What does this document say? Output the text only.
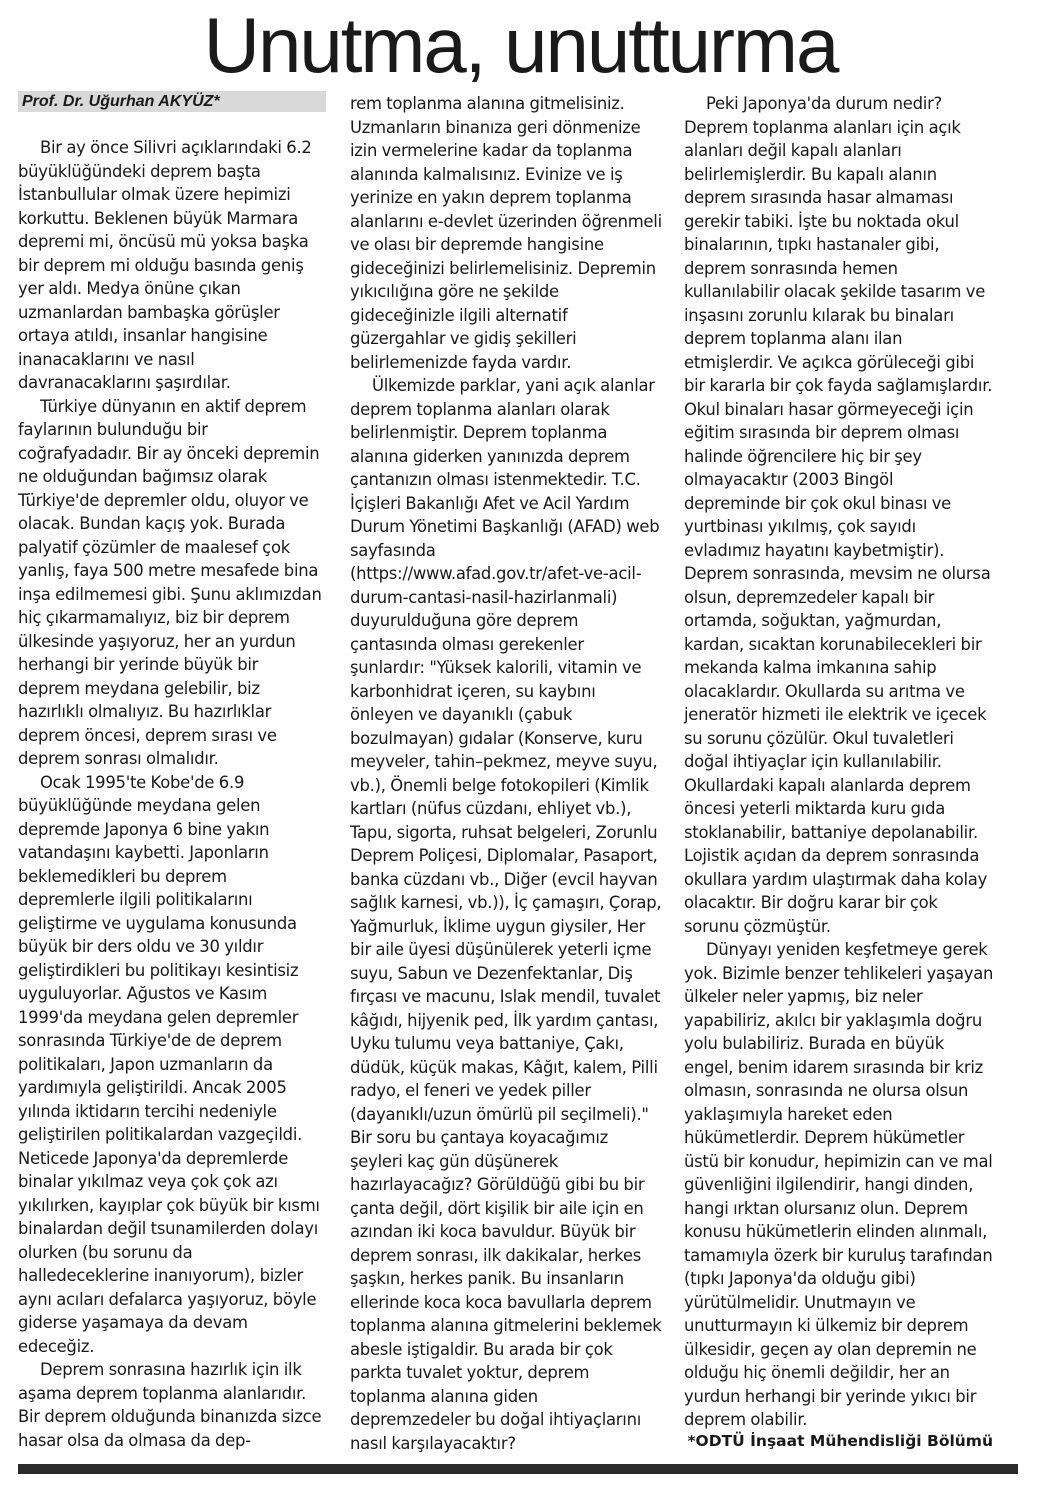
Unutma, unutturma
Prof. Dr. Uğurhan AKYÜZ*

Bir ay önce Silivri açıklarındaki 6.2 büyüklüğündeki deprem başta İstanbullular olmak üzere hepimizi korkuttu. Beklenen büyük Marmara depremi mi, öncüsü mü yoksa başka bir deprem mi olduğu basında geniş yer aldı. Medya önüne çıkan uzmanlardan bambaşka görüşler ortaya atıldı, insanlar hangisine inanacaklarını ve nasıl davranacaklarını şaşırdılar.

Türkiye dünyanın en aktif deprem faylarının bulunduğu bir coğrafyadadır. Bir ay önceki depremin ne olduğundan bağımsız olarak Türkiye'de depremler oldu, oluyor ve olacak. Bundan kaçış yok. Burada palyatif çözümler de maalesef çok yanlış, faya 500 metre mesafede bina inşa edilmemesi gibi. Şunu aklımızdan hiç çıkarmamalıyız, biz bir deprem ülkesinde yaşıyoruz, her an yurdun herhangi bir yerinde büyük bir deprem meydana gelebilir, biz hazırlıklı olmalıyız. Bu hazırlıklar deprem öncesi, deprem sırası ve deprem sonrası olmalıdır.

Ocak 1995'te Kobe'de 6.9 büyüklüğünde meydana gelen depremde Japonya 6 bine yakın vatandaşını kaybetti. Japonların beklemedikleri bu deprem depremlerle ilgili politikalarını geliştirme ve uygulama konusunda büyük bir ders oldu ve 30 yıldır geliştirdikleri bu politikayı kesintisiz uyguluyorlar. Ağustos ve Kasım 1999'da meydana gelen depremler sonrasında Türkiye'de de deprem politikaları, Japon uzmanların da yardımıyla geliştirildi. Ancak 2005 yılında iktidarın tercihi nedeniyle geliştirilen politikalardan vazgeçildi. Neticede Japonya'da depremlerde binalar yıkılmaz veya çok çok azı yıkılırken, kayıplar çok büyük bir kısmı binalardan değil tsunamilerden dolayı olurken (bu sorunu da halledeceklerine inanıyorum), bizler aynı acıları defalarca yaşıyoruz, böyle giderse yaşamaya da devam edeceğiz.

Deprem sonrasına hazırlık için ilk aşama deprem toplanma alanlarıdır. Bir deprem olduğunda binanızda sizce hasar olsa da olmasa da dep-

rem toplanma alanına gitmelisiniz. Uzmanların binanıza geri dönmenize izin vermelerine kadar da toplanma alanında kalmalısınız. Evinize ve iş yerinize en yakın deprem toplanma alanlarını e-devlet üzerinden öğrenmeli ve olası bir depremde hangisine gideceğinizi belirlemelisiniz. Depremin yıkıcılığına göre ne şekilde gideceğinizle ilgili alternatif güzergahlar ve gidiş şekilleri belirlemenizde fayda vardır.

Ülkemizde parklar, yani açık alanlar deprem toplanma alanları olarak belirlenmiştir. Deprem toplanma alanına giderken yanınızda deprem çantanızın olması istenmektedir. T.C. İçişleri Bakanlığı Afet ve Acil Yardım Durum Yönetimi Başkanlığı (AFAD) web sayfasında (https://www.afad.gov.tr/afet-ve-acil-durum-cantasi-nasil-hazirlanmali) duyurulduğuna göre deprem çantasında olması gerekenler şunlardır: "Yüksek kalorili, vitamin ve karbonhidrat içeren, su kaybını önleyen ve dayanıklı (çabuk bozulmayan) gıdalar (Konserve, kuru meyveler, tahin–pekmez, meyve suyu, vb.), Önemli belge fotokopileri (Kimlik kartları (nüfus cüzdanı, ehliyet vb.), Tapu, sigorta, ruhsat belgeleri, Zorunlu Deprem Poliçesi, Diplomalar, Pasaport, banka cüzdanı vb., Diğer (evcil hayvan sağlık karnesi, vb.)), İç çamaşırı, Çorap, Yağmurluk, İklime uygun giysiler, Her bir aile üyesi düşünülerek yeterli içme suyu, Sabun ve Dezenfektanlar, Diş fırçası ve macunu, Islak mendil, tuvalet kâğıdı, hijyenik ped, İlk yardım çantası, Uyku tulumu veya battaniye, Çakı, düdük, küçük makas, Kâğıt, kalem, Pilli radyo, el feneri ve yedek piller (dayanıklı/uzun ömürlü pil seçilmeli)." Bir soru bu çantaya koyacağımız şeyleri kaç gün düşünerek hazırlayacağız? Görüldüğü gibi bu bir çanta değil, dört kişilik bir aile için en azından iki koca bavuldur. Büyük bir deprem sonrası, ilk dakikalar, herkes şaşkın, herkes panik. Bu insanların ellerinde koca koca bavullarla deprem toplanma alanına gitmelerini beklemek abesle iştigaldir. Bu arada bir çok parkta tuvalet yoktur, deprem toplanma alanına giden depremzedeler bu doğal ihtiyaçlarını nasıl karşılayacaktır?

Peki Japonya'da durum nedir? Deprem toplanma alanları için açık alanları değil kapalı alanları belirlemişlerdir. Bu kapalı alanın deprem sırasında hasar almaması gerekir tabiki. İşte bu noktada okul binalarının, tıpkı hastanaler gibi, deprem sonrasında hemen kullanılabilir olacak şekilde tasarım ve inşasını zorunlu kılarak bu binaları deprem toplanma alanı ilan etmişlerdir. Ve açıkca görüleceği gibi bir kararla bir çok fayda sağlamışlardır. Okul binaları hasar görmeyeceği için eğitim sırasında bir deprem olması halinde öğrencilere hiç bir şey olmayacaktır (2003 Bingöl depreminde bir çok okul binası ve yurtbinası yıkılmış, çok sayıdı evladımız hayatını kaybetmiştir). Deprem sonrasında, mevsim ne olursa olsun, depremzedeler kapalı bir ortamda, soğuktan, yağmurdan, kardan, sıcaktan korunabilecekleri bir mekanda kalma imkanına sahip olacaklardır. Okullarda su arıtma ve jeneratör hizmeti ile elektrik ve içecek su sorunu çözülür. Okul tuvaletleri doğal ihtiyaçlar için kullanılabilir. Okullardaki kapalı alanlarda deprem öncesi yeterli miktarda kuru gıda stoklanabilir, battaniye depolanabilir. Lojistik açıdan da deprem sonrasında okullara yardım ulaştırmak daha kolay olacaktır. Bir doğru karar bir çok sorunu çözmüştür.

Dünyayı yeniden keşfetmeye gerek yok. Bizimle benzer tehlikeleri yaşayan ülkeler neler yapmış, biz neler yapabiliriz, akılcı bir yaklaşımla doğru yolu bulabiliriz. Burada en büyük engel, benim idarem sırasında bir kriz olmasın, sonrasında ne olursa olsun yaklaşımıyla hareket eden hükümetlerdir. Deprem hükümetler üstü bir konudur, hepimizin can ve mal güvenliğini ilgilendirir, hangi dinden, hangi ırktan olursanız olun. Deprem konusu hükümetlerin elinden alınmalı, tamamıyla özerk bir kuruluş tarafından (tıpkı Japonya'da olduğu gibi) yürütülmelidir. Unutmayın ve unutturmayın ki ülkemiz bir deprem ülkesidir, geçen ay olan depremin ne olduğu hiç önemli değildir, her an yurdun herhangi bir yerinde yıkıcı bir deprem olabilir.

*ODTÜ İnşaat Mühendisliği Bölümü
